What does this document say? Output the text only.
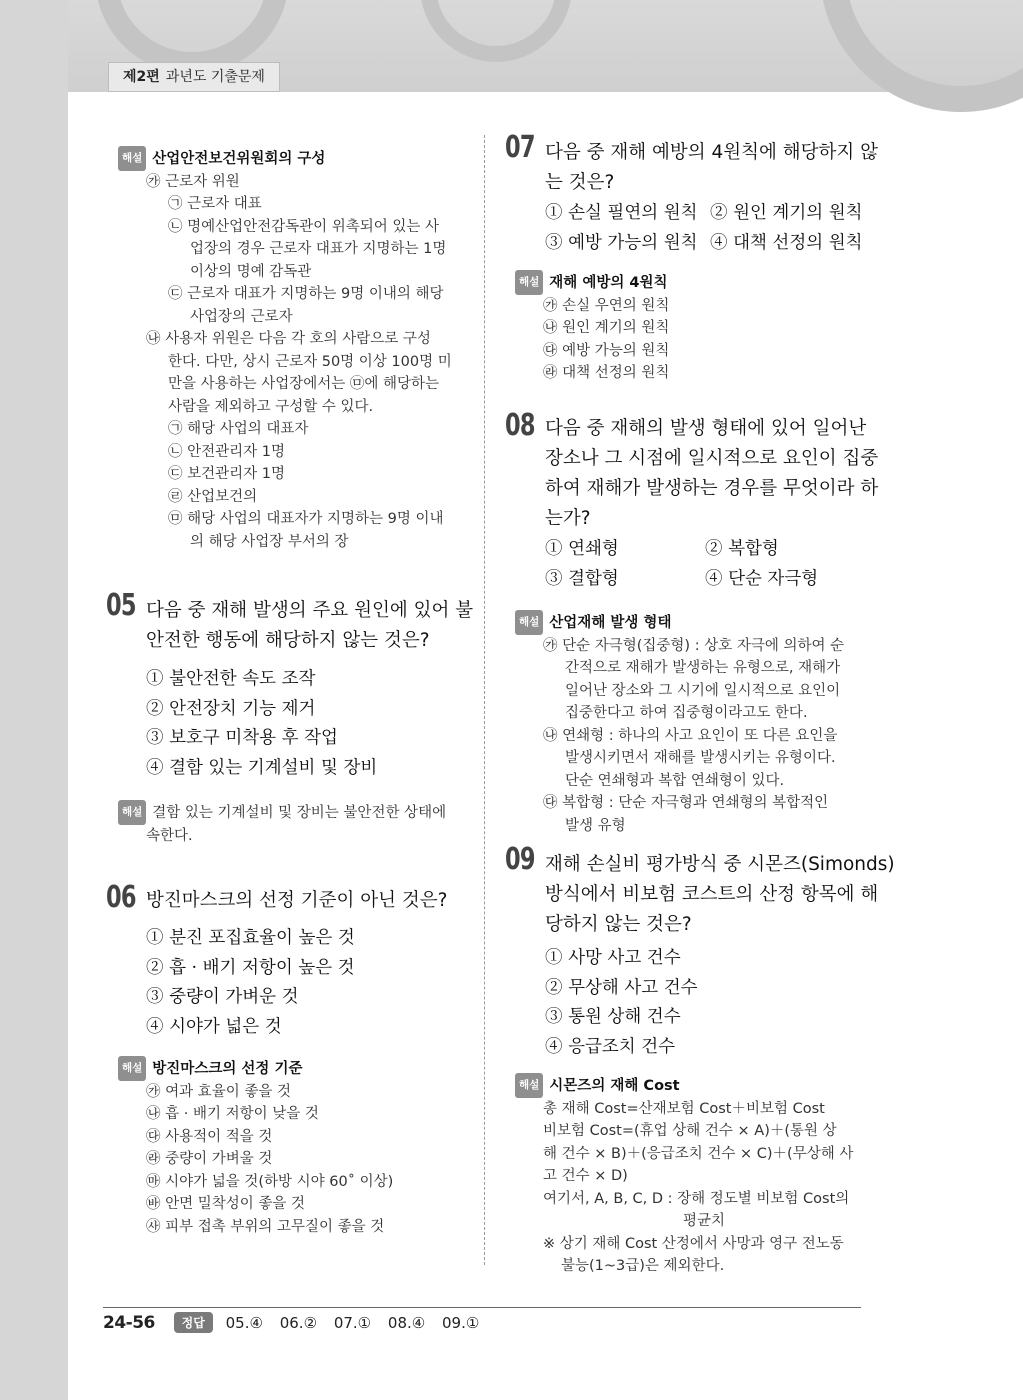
제2편 과년도 기출문제
해설 산업안전보건위원회의 구성
㉮ 근로자 위원
㉠ 근로자 대표
㉡ 명예산업안전감독관이 위촉되어 있는 사
업장의 경우 근로자 대표가 지명하는 1명
이상의 명예 감독관
㉢ 근로자 대표가 지명하는 9명 이내의 해당
사업장의 근로자
㉯ 사용자 위원은 다음 각 호의 사람으로 구성
한다. 다만, 상시 근로자 50명 이상 100명 미
만을 사용하는 사업장에서는 ㉤에 해당하는
사람을 제외하고 구성할 수 있다.
㉠ 해당 사업의 대표자
㉡ 안전관리자 1명
㉢ 보건관리자 1명
㉣ 산업보건의
㉤ 해당 사업의 대표자가 지명하는 9명 이내
의 해당 사업장 부서의 장
05 다음 중 재해 발생의 주요 원인에 있어 불
안전한 행동에 해당하지 않는 것은?
① 불안전한 속도 조작
② 안전장치 기능 제거
③ 보호구 미착용 후 작업
④ 결함 있는 기계설비 및 장비
해설 결함 있는 기계설비 및 장비는 불안전한 상태에
속한다.
06 방진마스크의 선정 기준이 아닌 것은?
① 분진 포집효율이 높은 것
② 흡 · 배기 저항이 높은 것
③ 중량이 가벼운 것
④ 시야가 넓은 것
해설 방진마스크의 선정 기준
㉮ 여과 효율이 좋을 것
㉯ 흡 · 배기 저항이 낮을 것
㉰ 사용적이 적을 것
㉱ 중량이 가벼울 것
㉲ 시야가 넓을 것(하방 시야 60˚ 이상)
㉳ 안면 밀착성이 좋을 것
㉴ 피부 접촉 부위의 고무질이 좋을 것
07 다음 중 재해 예방의 4원칙에 해당하지 않
는 것은?
① 손실 필연의 원칙 ② 원인 계기의 원칙
③ 예방 가능의 원칙 ④ 대책 선정의 원칙
해설 재해 예방의 4원칙
㉮ 손실 우연의 원칙
㉯ 원인 계기의 원칙
㉰ 예방 가능의 원칙
㉱ 대책 선정의 원칙
08 다음 중 재해의 발생 형태에 있어 일어난
장소나 그 시점에 일시적으로 요인이 집중
하여 재해가 발생하는 경우를 무엇이라 하
는가?
① 연쇄형	② 복합형
③ 결합형	④ 단순 자극형
해설 산업재해 발생 형태
㉮ 단순 자극형(집중형) : 상호 자극에 의하여 순
간적으로 재해가 발생하는 유형으로, 재해가
일어난 장소와 그 시기에 일시적으로 요인이
집중한다고 하여 집중형이라고도 한다.
㉯ 연쇄형 : 하나의 사고 요인이 또 다른 요인을
발생시키면서 재해를 발생시키는 유형이다.
단순 연쇄형과 복합 연쇄형이 있다.
㉰ 복합형 : 단순 자극형과 연쇄형의 복합적인
발생 유형
09 재해 손실비 평가방식 중 시몬즈(Simonds)
방식에서 비보험 코스트의 산정 항목에 해
당하지 않는 것은?
① 사망 사고 건수
② 무상해 사고 건수
③ 통원 상해 건수
④ 응급조치 건수
해설 시몬즈의 재해 Cost
총 재해 Cost=산재보험 Cost＋비보험 Cost
비보험 Cost=(휴업 상해 건수 × A)＋(통원 상
해 건수 × B)＋(응급조치 건수 × C)＋(무상해 사
고 건수 × D)
여기서, A, B, C, D : 장해 정도별 비보험 Cost의
평균치
※ 상기 재해 Cost 산정에서 사망과 영구 전노동
불능(1~3급)은 제외한다.
24-56 정답 05.④ 06.② 07.① 08.④ 09.①
